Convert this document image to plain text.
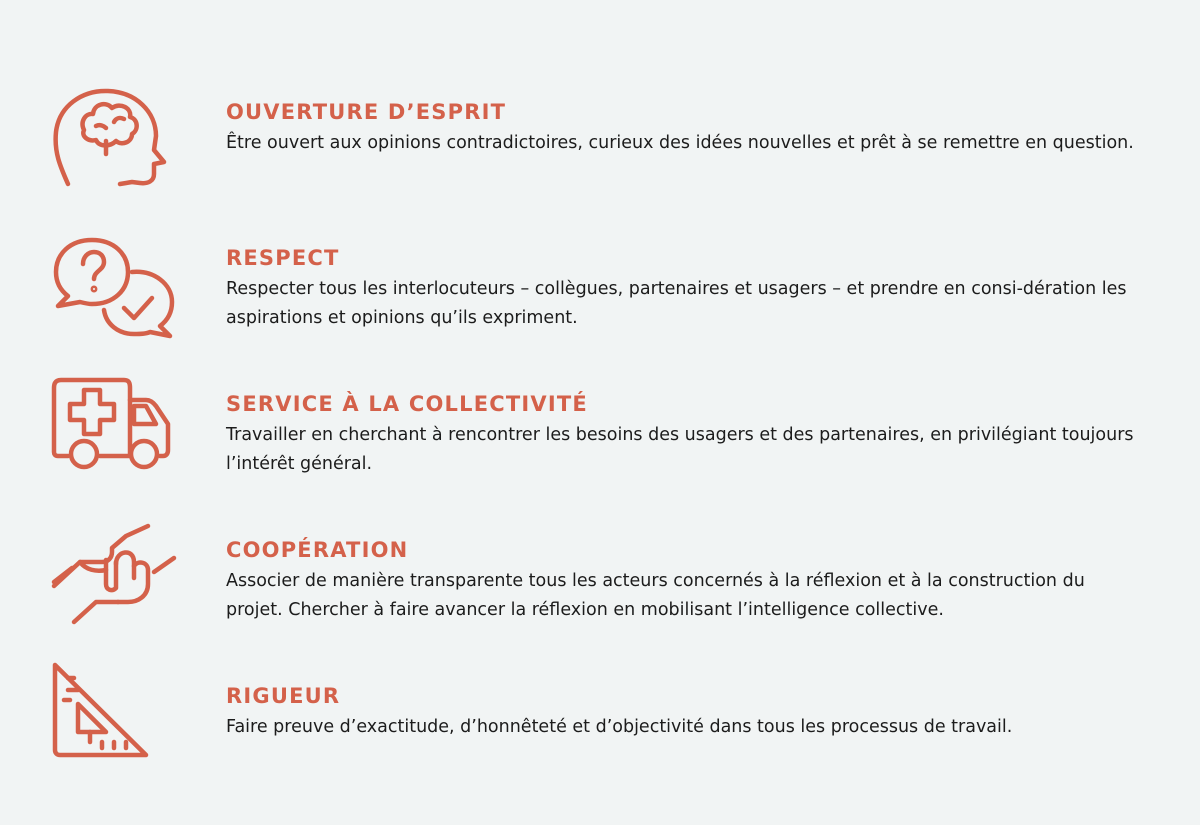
OUVERTURE D’ESPRIT

Être ouvert aux opinions contradictoires, curieux des idées nouvelles et prêt à se remettre en question.

RESPECT

Respecter tous les interlocuteurs – collègues, partenaires et usagers – et prendre en consi-dération les aspirations et opinions qu’ils expriment.

SERVICE À LA COLLECTIVITÉ

Travailler en cherchant à rencontrer les besoins des usagers et des partenaires, en privilégiant toujours l’intérêt général.

COOPÉRATION

Associer de manière transparente tous les acteurs concernés à la réflexion et à la construction du projet. Chercher à faire avancer la réflexion en mobilisant l’intelligence collective.

RIGUEUR

Faire preuve d’exactitude, d’honnêteté et d’objectivité dans tous les processus de travail.
